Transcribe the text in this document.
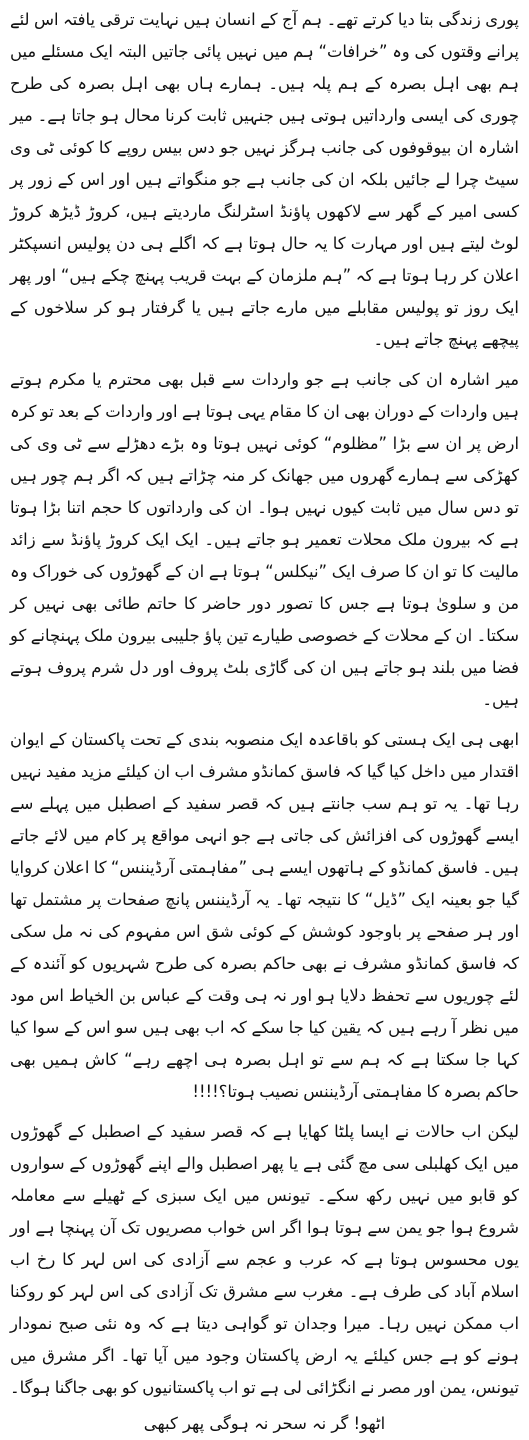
پوری زندگی بتا دیا کرتے تھے۔ ہم آج کے انسان ہیں نہایت ترقی یافتہ اس لئے پرانے وقتوں کی وہ ”خرافات“ ہم میں نہیں پائی جاتیں البتہ ایک مسئلے میں ہم بھی اہل بصرہ کے ہم پلہ ہیں۔ ہمارے ہاں بھی اہل بصرہ کی طرح چوری کی ایسی وارداتیں ہوتی ہیں جنہیں ثابت کرنا محال ہو جاتا ہے۔ میر اشارہ ان بیوقوفوں کی جانب ہرگز نہیں جو دس بیس روپے کا کوئی ٹی وی سیٹ چرا لے جائیں بلکہ ان کی جانب ہے جو منگواتے ہیں اور اس کے زور پر کسی امیر کے گھر سے لاکھوں پاؤنڈ اسٹرلنگ ماردیتے ہیں، کروڑ ڈیڑھ کروڑ لوٹ لیتے ہیں اور مہارت کا یہ حال ہوتا ہے کہ اگلے ہی دن پولیس انسپکٹر اعلان کر رہا ہوتا ہے کہ ”ہم ملزمان کے بہت قریب پہنچ چکے ہیں“ اور پھر ایک روز تو پولیس مقابلے میں مارے جاتے ہیں یا گرفتار ہو کر سلاخوں کے پیچھے پہنچ جاتے ہیں۔

میر اشارہ ان کی جانب ہے جو واردات سے قبل بھی محترم یا مکرم ہوتے ہیں واردات کے دوران بھی ان کا مقام یہی ہوتا ہے اور واردات کے بعد تو کرہ ارض پر ان سے بڑا ”مظلوم“ کوئی نہیں ہوتا وہ بڑے دھڑلے سے ٹی وی کی کھڑکی سے ہمارے گھروں میں جھانک کر منہ چڑاتے ہیں کہ اگر ہم چور ہیں تو دس سال میں ثابت کیوں نہیں ہوا۔ ان کی وارداتوں کا حجم اتنا بڑا ہوتا ہے کہ بیرون ملک محلات تعمیر ہو جاتے ہیں۔ ایک ایک کروڑ پاؤنڈ سے زائد مالیت کا تو ان کا صرف ایک ”نیکلس“ ہوتا ہے ان کے گھوڑوں کی خوراک وہ من و سلویٰ ہوتا ہے جس کا تصور دور حاضر کا حاتم طائی بھی نہیں کر سکتا۔ ان کے محلات کے خصوصی طیارے تین پاؤ جلیبی بیرون ملک پہنچانے کو فضا میں بلند ہو جاتے ہیں ان کی گاڑی بلٹ پروف اور دل شرم پروف ہوتے ہیں۔

ابھی ہی ایک ہستی کو باقاعدہ ایک منصوبہ بندی کے تحت پاکستان کے ایوان اقتدار میں داخل کیا گیا کہ فاسق کمانڈو مشرف اب ان کیلئے مزید مفید نہیں رہا تھا۔ یہ تو ہم سب جانتے ہیں کہ قصر سفید کے اصطبل میں پہلے سے ایسے گھوڑوں کی افزائش کی جاتی ہے جو انہی مواقع پر کام میں لائے جاتے ہیں۔ فاسق کمانڈو کے ہاتھوں ایسے ہی ”مفاہمتی آرڈیننس“ کا اعلان کروایا گیا جو بعینہ ایک ”ڈیل“ کا نتیجہ تھا۔ یہ آرڈیننس پانچ صفحات پر مشتمل تھا اور ہر صفحے پر باوجود کوشش کے کوئی شق اس مفہوم کی نہ مل سکی کہ فاسق کمانڈو مشرف نے بھی حاکم بصرہ کی طرح شہریوں کو آئندہ کے لئے چوریوں سے تحفظ دلایا ہو اور نہ ہی وقت کے عباس بن الخیاط اس مود میں نظر آ رہے ہیں کہ یقین کیا جا سکے کہ اب بھی ہیں سو اس کے سوا کیا کہا جا سکتا ہے کہ ہم سے تو اہل بصرہ ہی اچھے رہے“ کاش ہمیں بھی حاکم بصرہ کا مفاہمتی آرڈیننس نصیب ہوتا؟!!!!

لیکن اب حالات نے ایسا پلٹا کھایا ہے کہ قصر سفید کے اصطبل کے گھوڑوں میں ایک کھلبلی سی مچ گئی ہے یا پھر اصطبل والے اپنے گھوڑوں کے سواروں کو قابو میں نہیں رکھ سکے۔ تیونس میں ایک سبزی کے ٹھیلے سے معاملہ شروع ہوا جو یمن سے ہوتا ہوا اگر اس خواب مصریوں تک آن پہنچا ہے اور یوں محسوس ہوتا ہے کہ عرب و عجم سے آزادی کی اس لہر کا رخ اب اسلام آباد کی طرف ہے۔ مغرب سے مشرق تک آزادی کی اس لہر کو روکنا اب ممکن نہیں رہا۔ میرا وجدان تو گواہی دیتا ہے کہ وہ نئی صبح نمودار ہونے کو ہے جس کیلئے یہ ارض پاکستان وجود میں آیا تھا۔ اگر مشرق میں تیونس، یمن اور مصر نے انگڑائی لی ہے تو اب پاکستانیوں کو بھی جاگنا ہوگا۔

اٹھو! گر نہ سحر نہ ہوگی پھر کبھی
